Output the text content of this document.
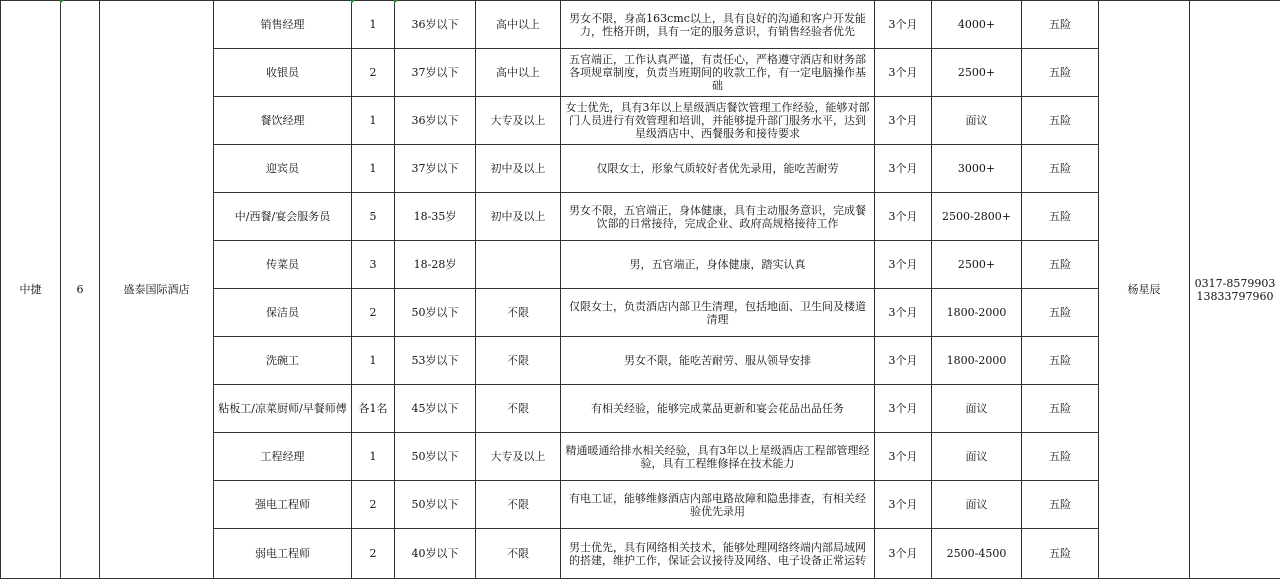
中捷	6	盛泰国际酒店	销售经理	1	36岁以下	高中以上	男女不限，身高163cmc以上，具有良好的沟通和客户开发能力，性格开朗，具有一定的服务意识，有销售经验者优先	3个月	4000+	五险	杨星辰	0317-8579903 13833797960
			收银员	2	37岁以下	高中以上	五官端正，工作认真严谨，有责任心，严格遵守酒店和财务部各项规章制度，负责当班期间的收款工作，有一定电脑操作基础	3个月	2500+	五险		
			餐饮经理	1	36岁以下	大专及以上	女士优先，具有3年以上星级酒店餐饮管理工作经验，能够对部门人员进行有效管理和培训，并能够提升部门服务水平，达到星级酒店中、西餐服务和接待要求	3个月	面议	五险		
			迎宾员	1	37岁以下	初中及以上	仅限女士，形象气质较好者优先录用，能吃苦耐劳	3个月	3000+	五险		
			中/西餐/宴会服务员	5	18-35岁	初中及以上	男女不限，五官端正，身体健康，具有主动服务意识，完成餐饮部的日常接待，完成企业、政府高规格接待工作	3个月	2500-2800+	五险		
			传菜员	3	18-28岁		男，五官端正，身体健康，踏实认真	3个月	2500+	五险		
			保洁员	2	50岁以下	不限	仅限女士，负责酒店内部卫生清理，包括地面、卫生间及楼道清理	3个月	1800-2000	五险		
			洗碗工	1	53岁以下	不限	男女不限，能吃苦耐劳、服从领导安排	3个月	1800-2000	五险		
			粘板工/凉菜厨师/早餐师傅	各1名	45岁以下	不限	有相关经验，能够完成菜品更新和宴会花品出品任务	3个月	面议	五险		
			工程经理	1	50岁以下	大专及以上	精通暖通给排水相关经验，具有3年以上星级酒店工程部管理经验，具有工程维修择在技术能力	3个月	面议	五险		
			强电工程师	2	50岁以下	不限	有电工证，能够维修酒店内部电路故障和隐患排查，有相关经验优先录用	3个月	面议	五险		
			弱电工程师	2	40岁以下	不限	男士优先，具有网络相关技术，能够处理网络终端内部局域网的搭建，维护工作，保证会议接待及网络、电子设备正常运转	3个月	2500-4500	五险		
